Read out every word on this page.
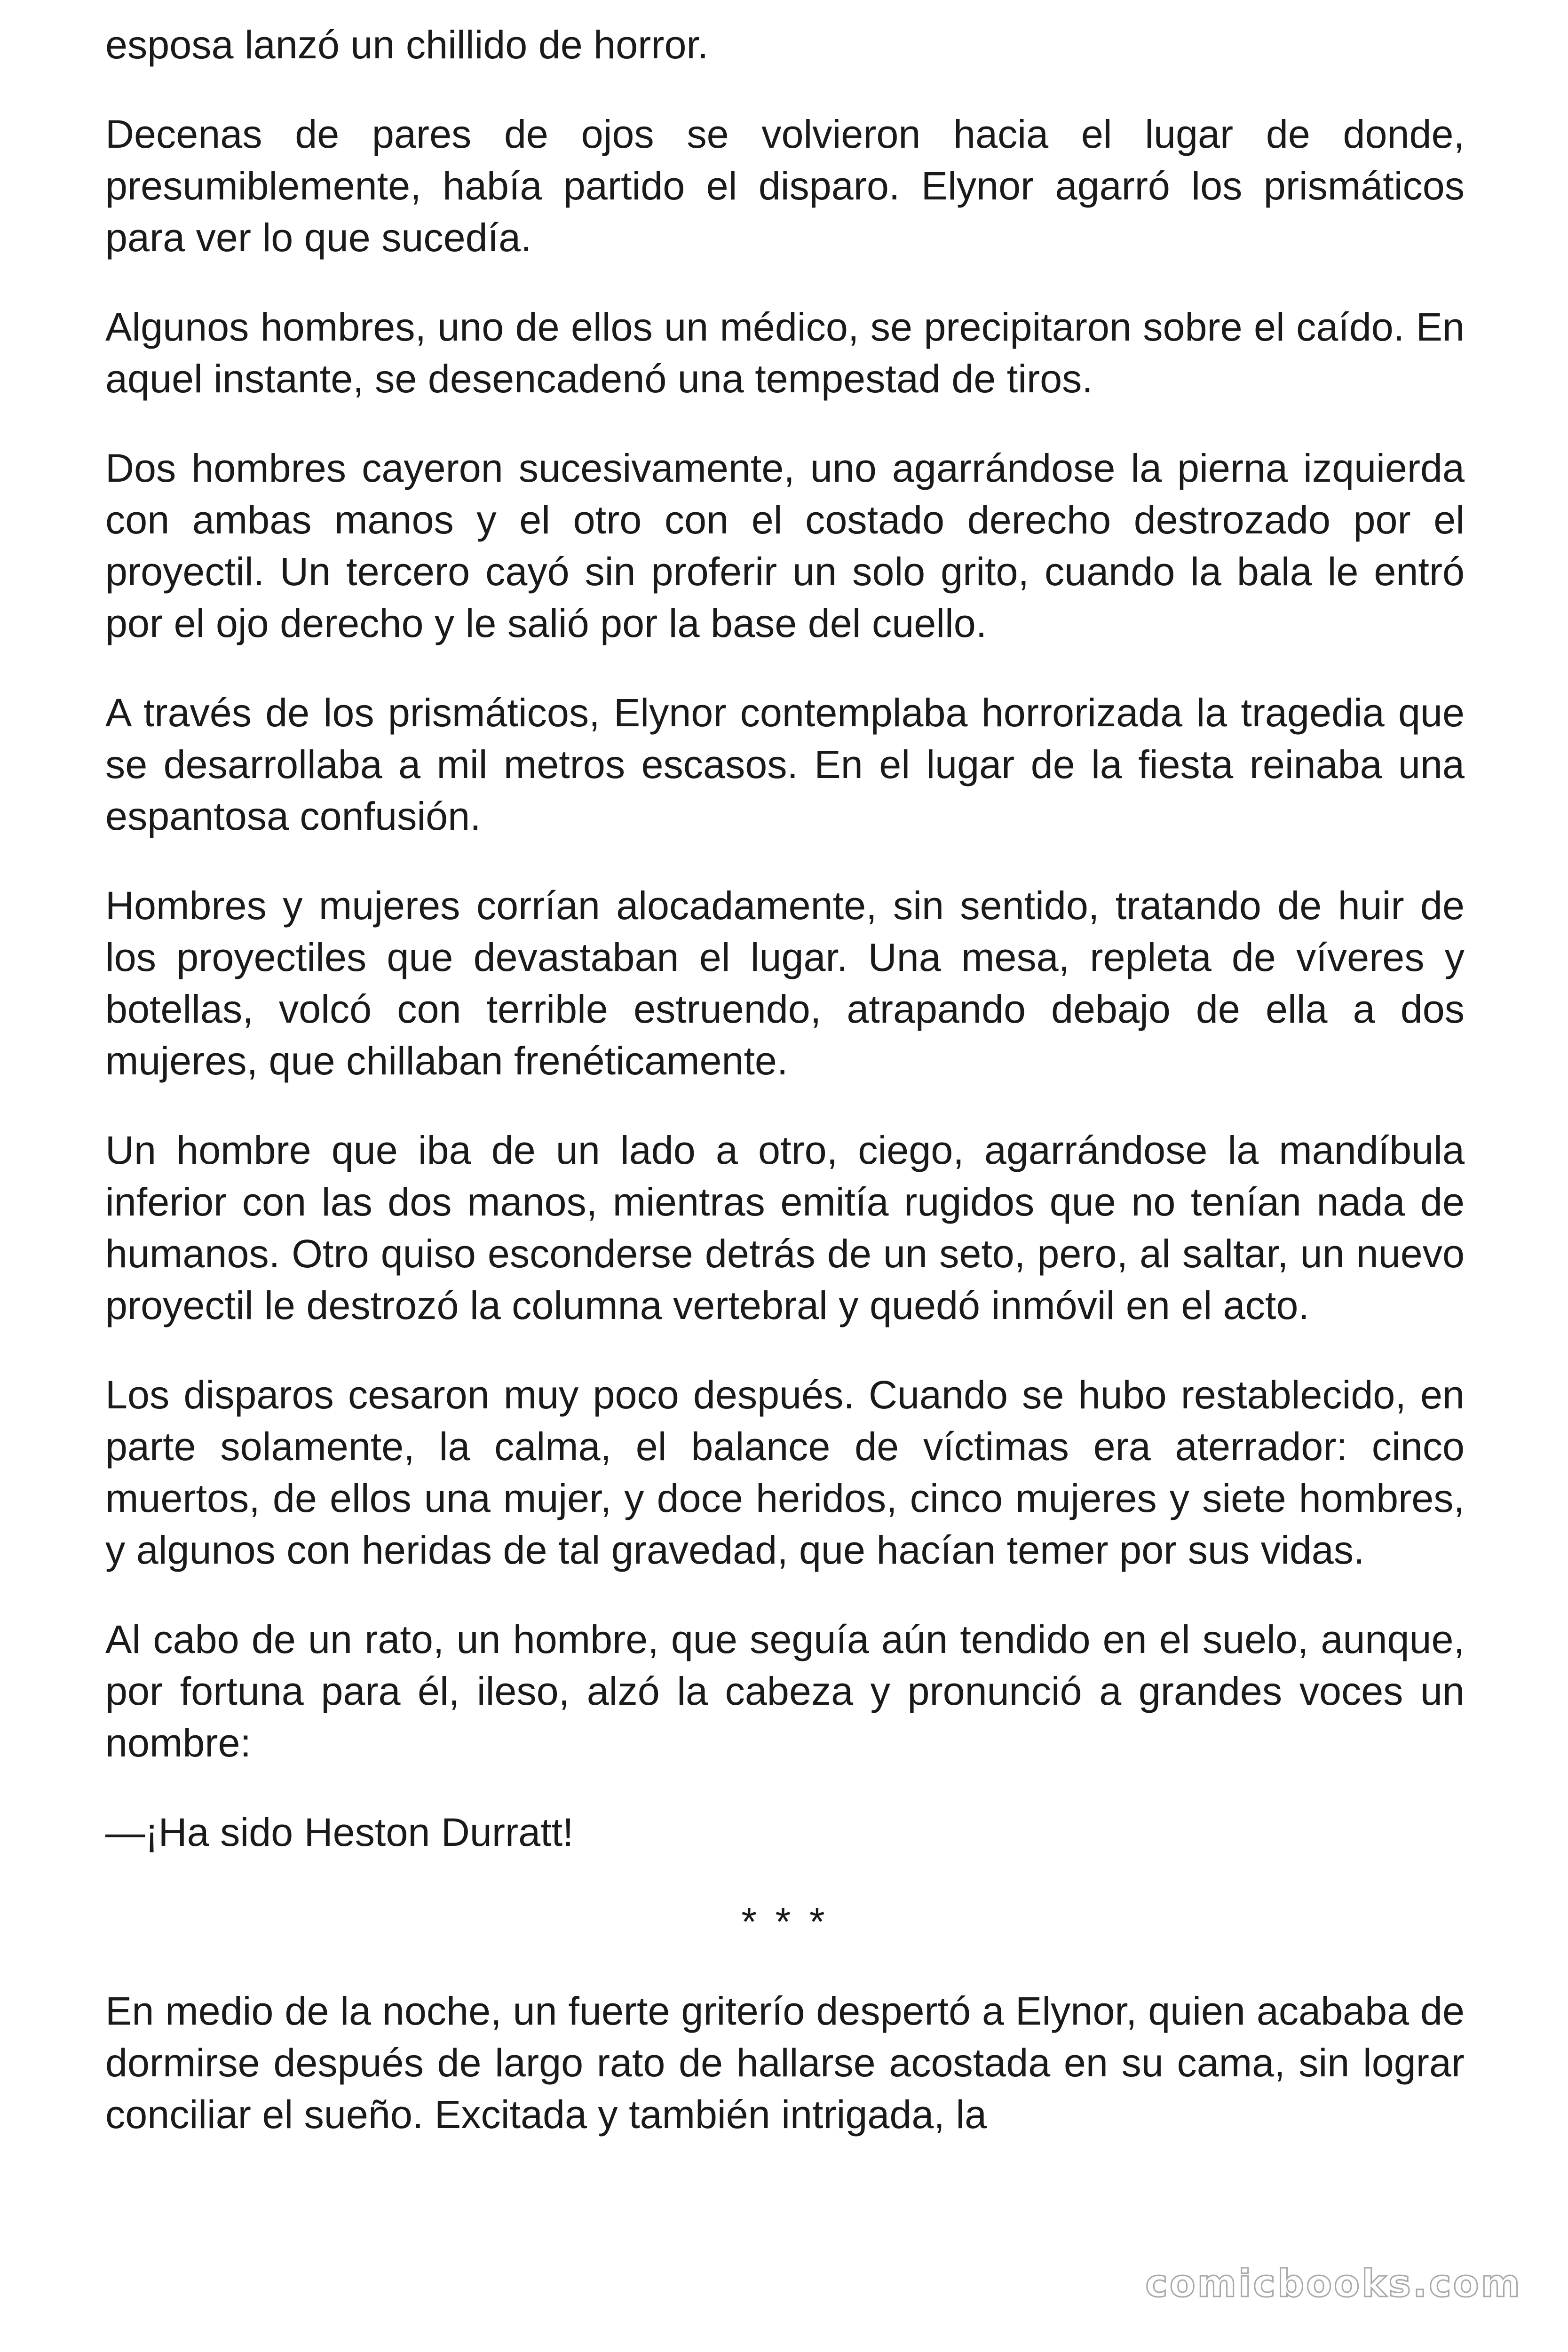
esposa lanzó un chillido de horror.

Decenas de pares de ojos se volvieron hacia el lugar de donde, presumiblemente, había partido el disparo. Elynor agarró los prismáticos para ver lo que sucedía.

Algunos hombres, uno de ellos un médico, se precipitaron sobre el caído. En aquel instante, se desencadenó una tempestad de tiros.

Dos hombres cayeron sucesivamente, uno agarrándose la pierna izquierda con ambas manos y el otro con el costado derecho destrozado por el proyectil. Un tercero cayó sin proferir un solo grito, cuando la bala le entró por el ojo derecho y le salió por la base del cuello.

A través de los prismáticos, Elynor contemplaba horrorizada la tragedia que se desarrollaba a mil metros escasos. En el lugar de la fiesta reinaba una espantosa confusión.

Hombres y mujeres corrían alocadamente, sin sentido, tratando de huir de los proyectiles que devastaban el lugar. Una mesa, repleta de víveres y botellas, volcó con terrible estruendo, atrapando debajo de ella a dos mujeres, que chillaban frenéticamente.

Un hombre que iba de un lado a otro, ciego, agarrándose la mandíbula inferior con las dos manos, mientras emitía rugidos que no tenían nada de humanos. Otro quiso esconderse detrás de un seto, pero, al saltar, un nuevo proyectil le destrozó la columna vertebral y quedó inmóvil en el acto.

Los disparos cesaron muy poco después. Cuando se hubo restablecido, en parte solamente, la calma, el balance de víctimas era aterrador: cinco muertos, de ellos una mujer, y doce heridos, cinco mujeres y siete hombres, y algunos con heridas de tal gravedad, que hacían temer por sus vidas.

Al cabo de un rato, un hombre, que seguía aún tendido en el suelo, aunque, por fortuna para él, ileso, alzó la cabeza y pronunció a grandes voces un nombre:

—¡Ha sido Heston Durratt!

* * *

En medio de la noche, un fuerte griterío despertó a Elynor, quien acababa de dormirse después de largo rato de hallarse acostada en su cama, sin lograr conciliar el sueño. Excitada y también intrigada, la

comicbooks.com
